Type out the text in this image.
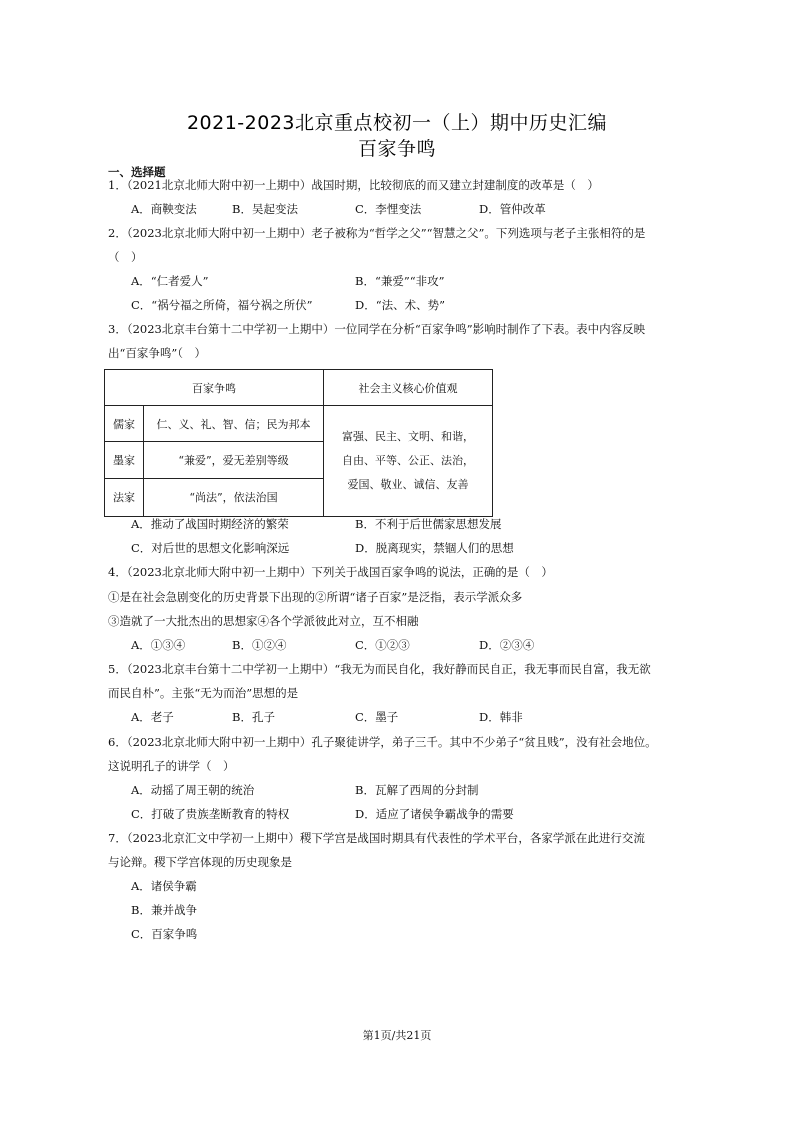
2021-2023北京重点校初一（上）期中历史汇编
百家争鸣
一、选择题
1．（2021北京北师大附中初一上期中）战国时期，比较彻底的而又建立封建制度的改革是（　）
A．商鞅变法	B．吴起变法	C．李悝变法	D．管仲改革
2．（2023北京北师大附中初一上期中）老子被称为“哲学之父”“智慧之父”。下列选项与老子主张相符的是
（　）
A．“仁者爱人”	B．“兼爱”“非攻”
C．“祸兮福之所倚，福兮祸之所伏”	D．“法、术、势”
3．（2023北京丰台第十二中学初一上期中）一位同学在分析“百家争鸣”影响时制作了下表。表中内容反映
出“百家争鸣”（　）
百家争鸣		社会主义核心价值观
儒家	仁、义、礼、智、信；民为邦本	富强、民主、文明、和谐，
自由、平等、公正、法治，
爱国、敬业、诚信、友善

墨家	“兼爱”，爱无差别等级	
法家	“尚法”，依法治国	
A．推动了战国时期经济的繁荣	B．不利于后世儒家思想发展
C．对后世的思想文化影响深远	D．脱离现实，禁锢人们的思想
4．（2023北京北师大附中初一上期中）下列关于战国百家争鸣的说法，正确的是（　）
①是在社会急剧变化的历史背景下出现的②所谓“诸子百家”是泛指，表示学派众多
③造就了一大批杰出的思想家④各个学派彼此对立，互不相融
A．①③④	B．①②④	C．①②③	D．②③④
5．（2023北京丰台第十二中学初一上期中）“我无为而民自化，我好静而民自正，我无事而民自富，我无欲
而民自朴”。主张“无为而治”思想的是
A．老子	B．孔子	C．墨子	D．韩非
6．（2023北京北师大附中初一上期中）孔子聚徒讲学，弟子三千。其中不少弟子“贫且贱”，没有社会地位。
这说明孔子的讲学（　）
A．动摇了周王朝的统治	B．瓦解了西周的分封制
C．打破了贵族垄断教育的特权	D．适应了诸侯争霸战争的需要
7．（2023北京汇文中学初一上期中）稷下学宫是战国时期具有代表性的学术平台，各家学派在此进行交流
与论辩。稷下学宫体现的历史现象是
A．诸侯争霸
B．兼并战争
C．百家争鸣
第1页/共21页
